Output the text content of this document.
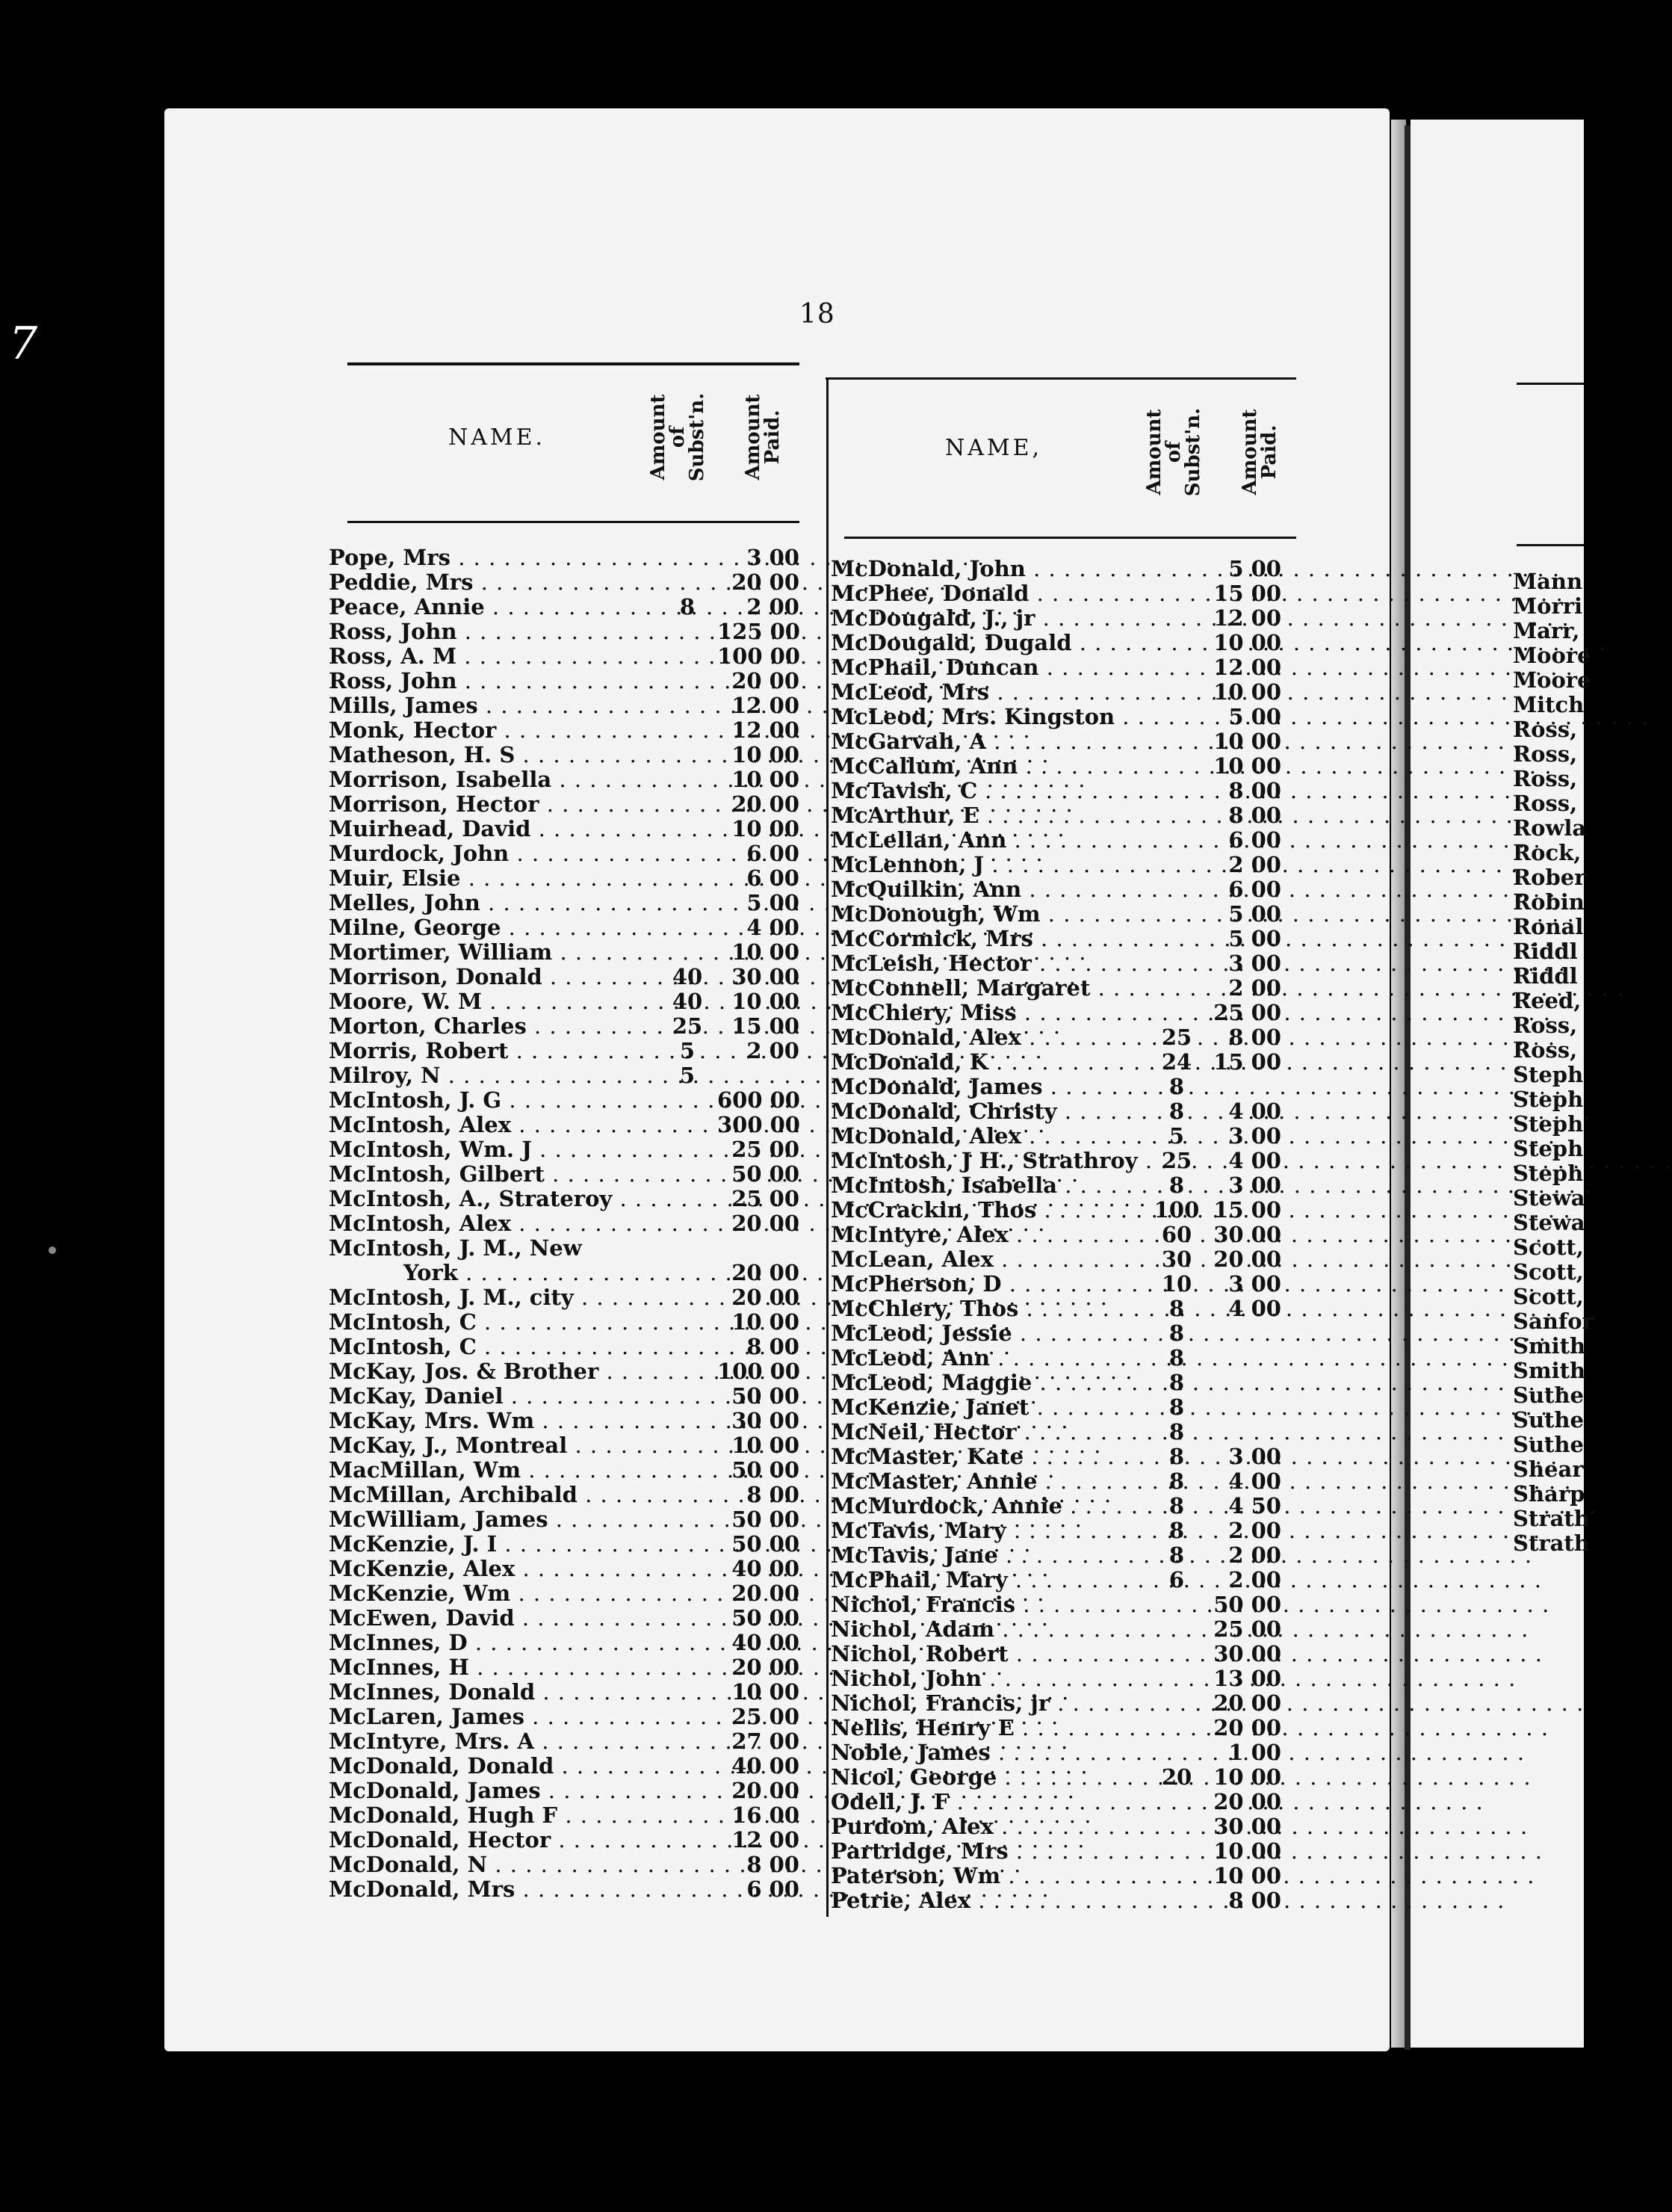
7
18
NAME.	Amount
of
Subst'n. Amount
Paid.	NAME,	Amount
of
Subst'n. Amount
Paid.
Pope, Mrs . . .	3 00
Peddie, Mrs . . .	20 00
Peace, Annie . . .	8	2 00
Ross, John . . .	125 00
Ross, A. M . . .	100 00
Ross, John . . .	20 00
Mills, James . . .	12 00
Monk, Hector . . .	12 00
Matheson, H. S . . .	10 00
Morrison, Isabella . . .	10 00
Morrison, Hector . . .	20 00
Muirhead, David . . .	10 00
Murdock, John . . .	6 00
Muir, Elsie . . .	6 00
Melles, John . . .	5 00
Milne, George . . .	4 00
Mortimer, William . . .	10 00
Morrison, Donald . . .	40	30 00
Moore, W. M . . .	40	10 00
Morton, Charles . . .	25	15 00
Morris, Robert . . .	5	2 00
Milroy, N . . .	5
McIntosh, J. G . . .	600 00
McIntosh, Alex . . .	300 00
McIntosh, Wm. J . . .	25 00
McIntosh, Gilbert . . .	50 00
McIntosh, A., Strateroy . . .	25 00
McIntosh, Alex . . .	20 00
McIntosh, J. M., New
York . . .	20 00
McIntosh, J. M., city . . .	20 00
McIntosh, C . . .	10 00
McIntosh, C . . .	8 00
McKay, Jos. & Brother . . .	100 00
McKay, Daniel . . .	50 00
McKay, Mrs. Wm . . .	30 00
McKay, J., Montreal . . .	10 00
MacMillan, Wm . . .	50 00
McMillan, Archibald . . .	8 00
McWilliam, James . . .	50 00
McKenzie, J. I . . .	50 00
McKenzie, Alex . . .	40 00
McKenzie, Wm . . .	20 00
McEwen, David . . .	50 00
McInnes, D . . .	40 00
McInnes, H . . .	20 00
McInnes, Donald . . .	10 00
McLaren, James . . .	25 00
McIntyre, Mrs. A . . .	27 00
McDonald, Donald . . .	40 00
McDonald, James . . .	20 00
McDonald, Hugh F . . .	16 00
McDonald, Hector . . .	12 00
McDonald, N . . .	8 00
McDonald, Mrs . . .	6 00
McDonald, John . . .	5 00
McPhee, Donald . . .	15 00
McDougald, J., jr . . .	12 00
McDougald, Dugald . . .	10 00
McPhail, Duncan . . .	12 00
McLeod, Mrs . . .	10 00
McLeod, Mrs. Kingston . . .	5 00
McGarvah, A . . .	10 00
McCallum, Ann . . .	10 00
McTavish, C . . .	8 00
McArthur, E . . .	8 00
McLellan, Ann . . .	6 00
McLennon, J . . .	2 00
McQuilkin, Ann . . .	6 00
McDonough, Wm . . .	5 00
McCormick, Mrs . . .	5 00
McLeish, Hector . . .	3 00
McConnell, Margaret . . .	2 00
McChiery, Miss . . .	25 00
McDonald, Alex . . .	25	8 00
McDonald, K . . .	24	15 00
McDonald, James . . .	8
McDonald, Christy . . .	8	4 00
McDonald, Alex . . .	5	3 00
McIntosh, J H., Strathroy . . .	25	4 00
McIntosh, Isabella . . .	8	3 00
McCrackin, Thos . . .	100 15 00
McIntyre, Alex . . .	60	30 00
McLean, Alex . . .	30	20 00
McPherson, D . . .	10	3 00
McChlery, Thos . . .	8	4 00
McLeod, Jessie . . .	8
McLeod, Ann . . .	8
McLeod, Maggie . . .	8
McKenzie, Janet . . .	8
McNeil, Hector . . .	8
McMaster, Kate . . .	8	3 00
McMaster, Annie . . .	8	4 00
McMurdock, Annie . . .	8	4 50
McTavis, Mary . . .	8	2 00
McTavis, Jane . . .	8	2 00
McPhail, Mary . . .	6	2 00
Nichol, Francis . . .	50 00
Nichol, Adam . . .	25 00
Nichol, Robert . . .	30 00
Nichol, John . . .	13 00
Nichol, Francis, jr . . .	20 00
Nellis, Henry E . . .	20 00
Noble, James . . .	1 00
Nicol, George . . .	20	10 00
Odell, J. F . . .	20 00
Purdom, Alex . . .	30 00
Partridge, Mrs . . .	10 00
Paterson, Wm . . .	10 00
Petrie, Alex . . .	8 00
Mann
Morri
Marr,
Moore
Moore
Mitch
Ross,
Ross,
Ross,
Ross,
Rowla
Rock,
Rober
Robin
Ronal
Riddl
Riddl
Reed,
Ross,
Ross,
Steph
Steph
Steph
Steph
Steph
Stewa
Stewa
Scott,
Scott,
Scott,
Sanfor
Smith
Smith
Suthe
Suthe
Suthe
Shear
Sharp
Strath
Strath
